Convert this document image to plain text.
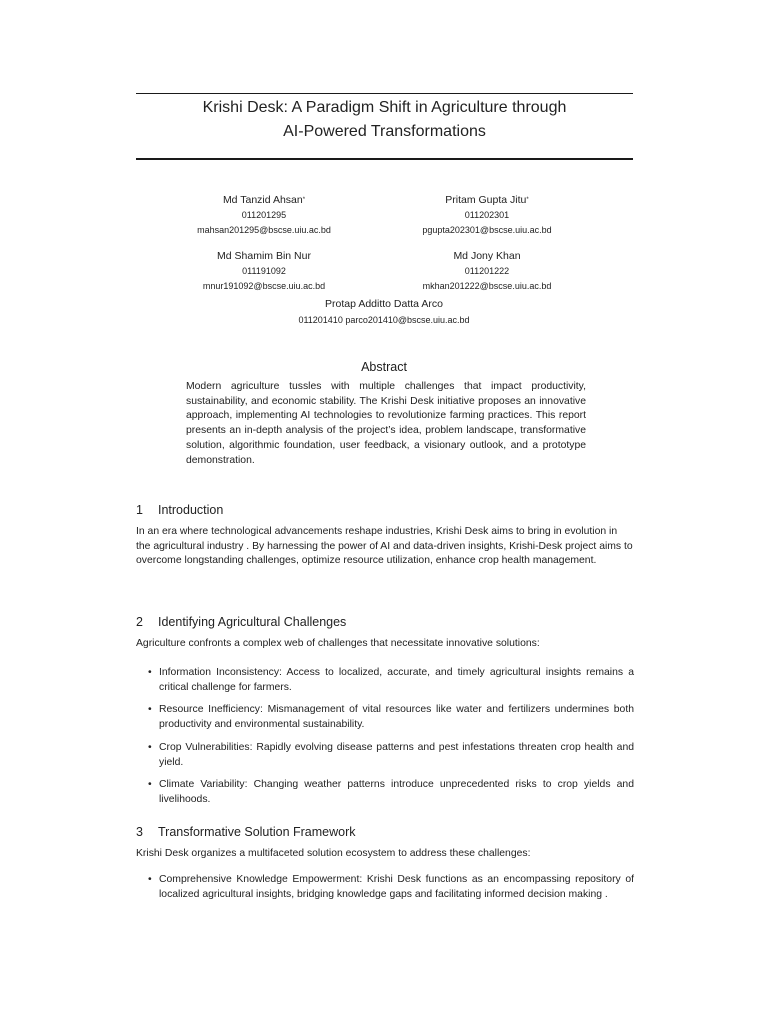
Krishi Desk: A Paradigm Shift in Agriculture through
AI-Powered Transformations
Md Tanzid Ahsan*
011201295
mahsan201295@bscse.uiu.ac.bd
Pritam Gupta Jitu*
011202301
pgupta202301@bscse.uiu.ac.bd
Md Shamim Bin Nur
011191092
mnur191092@bscse.uiu.ac.bd
Md Jony Khan
011201222
mkhan201222@bscse.uiu.ac.bd
Protap Additto Datta Arco
011201410 parco201410@bscse.uiu.ac.bd
Abstract
Modern agriculture tussles with multiple challenges that impact productivity, sustainability, and economic stability. The Krishi Desk initiative proposes an innovative approach, implementing AI technologies to revolutionize farming practices. This report presents an in-depth analysis of the project’s idea, problem landscape, transformative solution, algorithmic foundation, user feedback, a visionary outlook, and a prototype demonstration.
1 Introduction
In an era where technological advancements reshape industries, Krishi Desk aims to bring in evolution in the agricultural industry . By harnessing the power of AI and data-driven insights, Krishi-Desk project aims to overcome longstanding challenges, optimize resource utilization, enhance crop health management.
2 Identifying Agricultural Challenges
Agriculture confronts a complex web of challenges that necessitate innovative solutions:
• Information Inconsistency: Access to localized, accurate, and timely agricultural insights remains a critical challenge for farmers.
• Resource Inefficiency: Mismanagement of vital resources like water and fertilizers undermines both productivity and environmental sustainability.
• Crop Vulnerabilities: Rapidly evolving disease patterns and pest infestations threaten crop health and yield.
• Climate Variability: Changing weather patterns introduce unprecedented risks to crop yields and livelihoods.
3 Transformative Solution Framework
Krishi Desk organizes a multifaceted solution ecosystem to address these challenges:
• Comprehensive Knowledge Empowerment: Krishi Desk functions as an encompassing repository of localized agricultural insights, bridging knowledge gaps and facilitating informed decision making .
